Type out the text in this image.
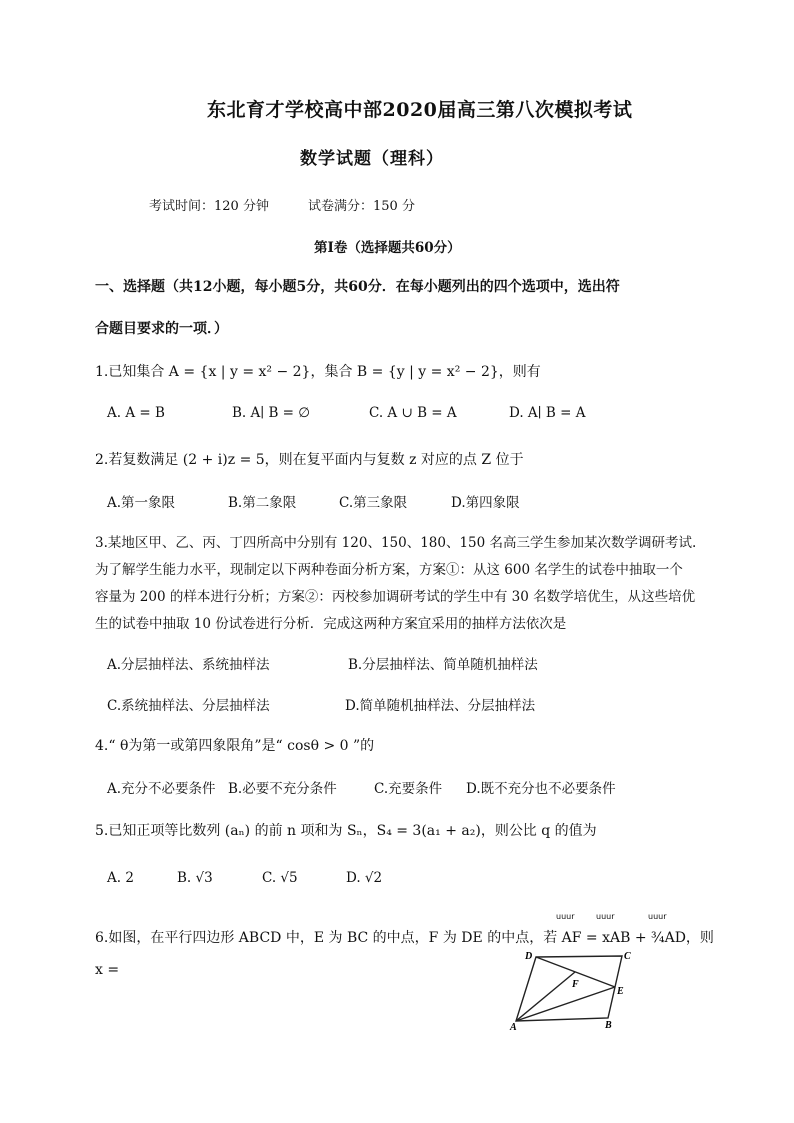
东北育才学校高中部2020届高三第八次模拟考试
数学试题（理科）
考试时间：120 分钟	试卷满分：150 分
第Ⅰ卷（选择题共60分）
一、选择题（共12小题，每小题5分，共60分．在每小题列出的四个选项中，选出符
合题目要求的一项．）
1.已知集合 A = {x | y = x² − 2}，集合 B = {y | y = x² − 2}，则有
A. A = B	B. A∣ B = ∅	C. A ∪ B = A	D. A∣ B = A
2.若复数满足 (2 + i)z = 5，则在复平面内与复数 z 对应的点 Z 位于
A.第一象限	B.第二象限	C.第三象限	D.第四象限
3.某地区甲、乙、丙、丁四所高中分别有 120、150、180、150 名高三学生参加某次数学调研考试.
为了解学生能力水平，现制定以下两种卷面分析方案，方案①：从这 600 名学生的试卷中抽取一个
容量为 200 的样本进行分析；方案②：丙校参加调研考试的学生中有 30 名数学培优生，从这些培优
生的试卷中抽取 10 份试卷进行分析．完成这两种方案宜采用的抽样方法依次是
A.分层抽样法、系统抽样法	B.分层抽样法、简单随机抽样法
C.系统抽样法、分层抽样法	D.简单随机抽样法、分层抽样法
4.“ θ为第一或第四象限角”是“ cosθ > 0 ”的
A.充分不必要条件 B.必要不充分条件	C.充要条件 D.既不充分也不必要条件
5.已知正项等比数列 (aₙ) 的前 n 项和为 Sₙ，S₄ = 3(a₁ + a₂)，则公比 q 的值为
A. 2	B. √3	C. √5	D. √2
uuur	uuur	uuur
6.如图，在平行四边形 ABCD 中，E 为 BC 的中点，F 为 DE 的中点，若 AF = xAB + ¾AD，则
x =
D	C
F
E
A	B
